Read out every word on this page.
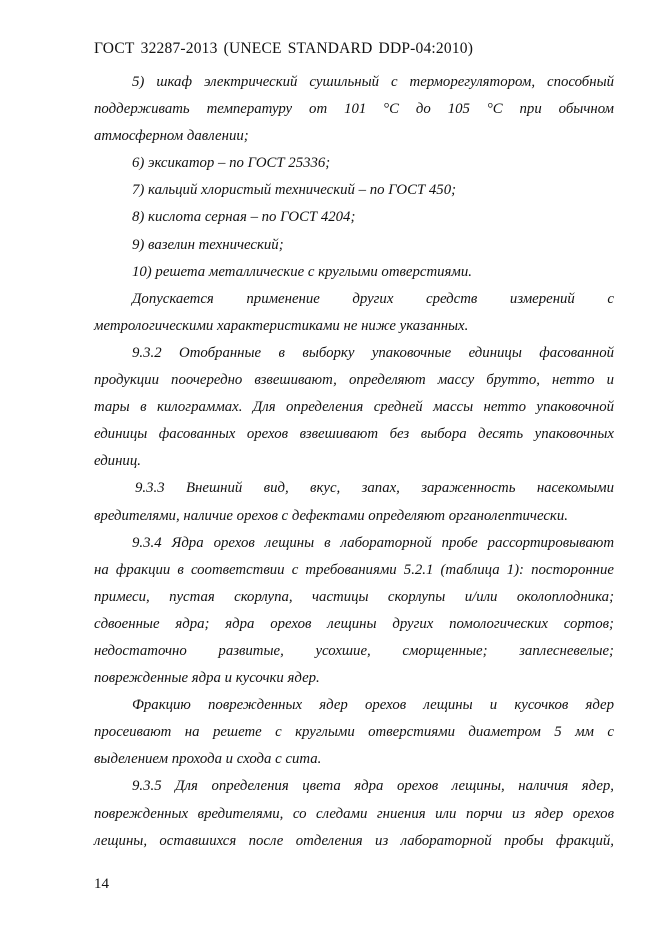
ГОСТ 32287-2013 (UNECE STANDARD DDP-04:2010)
5) шкаф электрический сушильный с терморегулятором, способный
поддерживать температуру от 101 °С до 105 °С при обычном
атмосферном давлении;
6) эксикатор – по ГОСТ 25336;
7) кальций хлористый технический – по ГОСТ 450;
8) кислота серная – по ГОСТ 4204;
9) вазелин технический;
10) решета металлические с круглыми отверстиями.
Допускается применение других средств измерений с
метрологическими характеристиками не ниже указанных.
9.3.2 Отобранные в выборку упаковочные единицы фасованной
продукции поочередно взвешивают, определяют массу брутто, нетто и
тары в килограммах. Для определения средней массы нетто упаковочной
единицы фасованных орехов взвешивают без выбора десять упаковочных
единиц.
9.3.3 Внешний вид, вкус, запах, зараженность насекомыми
вредителями, наличие орехов с дефектами определяют органолептически.
9.3.4 Ядра орехов лещины в лабораторной пробе рассортировывают
на фракции в соответствии с требованиями 5.2.1 (таблица 1): посторонние
примеси, пустая скорлупа, частицы скорлупы и/или околоплодника;
сдвоенные ядра; ядра орехов лещины других помологических сортов;
недостаточно развитые, усохшие, сморщенные; заплесневелые;
поврежденные ядра и кусочки ядер.
Фракцию поврежденных ядер орехов лещины и кусочков ядер
просеивают на решете с круглыми отверстиями диаметром 5 мм с
выделением прохода и схода с сита.
9.3.5 Для определения цвета ядра орехов лещины, наличия ядер,
поврежденных вредителями, со следами гниения или порчи из ядер орехов
лещины, оставшихся после отделения из лабораторной пробы фракций,
14
